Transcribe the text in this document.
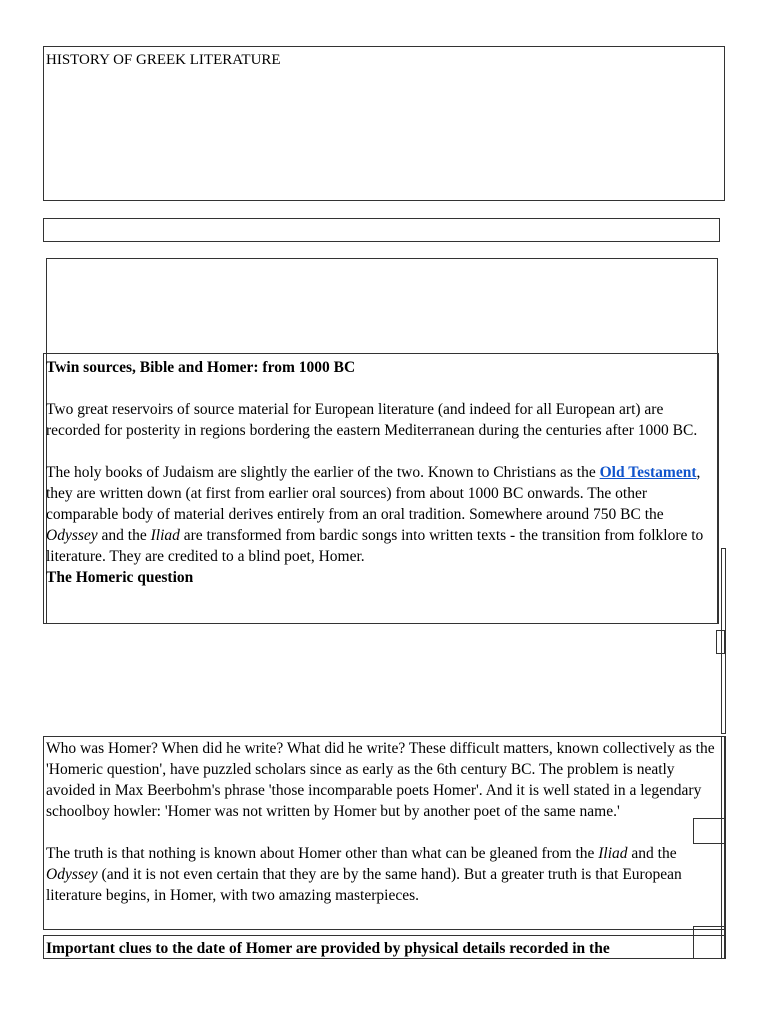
HISTORY OF GREEK LITERATURE

Twin sources, Bible and Homer: from 1000 BC

Two great reservoirs of source material for European literature (and indeed for all European art) are recorded for posterity in regions bordering the eastern Mediterranean during the centuries after 1000 BC.

The holy books of Judaism are slightly the earlier of the two. Known to Christians as the Old Testament, they are written down (at first from earlier oral sources) from about 1000 BC onwards. The other comparable body of material derives entirely from an oral tradition. Somewhere around 750 BC the Odyssey and the Iliad are transformed from bardic songs into written texts - the transition from folklore to literature. They are credited to a blind poet, Homer.

The Homeric question

Who was Homer? When did he write? What did he write? These difficult matters, known collectively as the 'Homeric question', have puzzled scholars since as early as the 6th century BC. The problem is neatly avoided in Max Beerbohm's phrase 'those incomparable poets Homer'. And it is well stated in a legendary schoolboy howler: 'Homer was not written by Homer but by another poet of the same name.'

The truth is that nothing is known about Homer other than what can be gleaned from the Iliad and the Odyssey (and it is not even certain that they are by the same hand). But a greater truth is that European literature begins, in Homer, with two amazing masterpieces.

Important clues to the date of Homer are provided by physical details recorded in the
